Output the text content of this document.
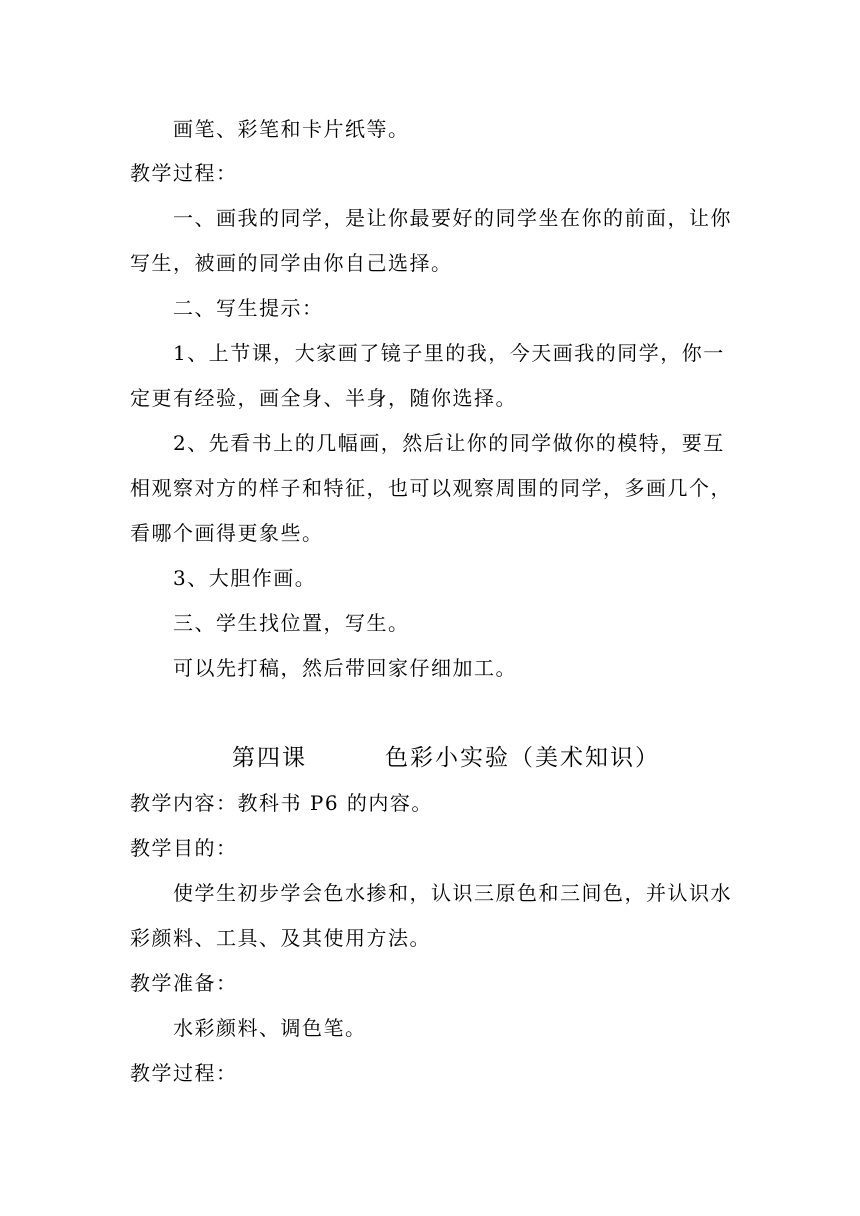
画笔、彩笔和卡片纸等。
教学过程：
一、画我的同学，是让你最要好的同学坐在你的前面，让你
写生，被画的同学由你自己选择。
二、写生提示：
1、上节课，大家画了镜子里的我，今天画我的同学，你一
定更有经验，画全身、半身，随你选择。
2、先看书上的几幅画，然后让你的同学做你的模特，要互
相观察对方的样子和特征，也可以观察周围的同学，多画几个，
看哪个画得更象些。
3、大胆作画。
三、学生找位置，写生。
可以先打稿，然后带回家仔细加工。
第四课	色彩小实验（美术知识）
教学内容：教科书 P6 的内容。
教学目的：
使学生初步学会色水掺和，认识三原色和三间色，并认识水
彩颜料、工具、及其使用方法。
教学准备：
水彩颜料、调色笔。
教学过程：
